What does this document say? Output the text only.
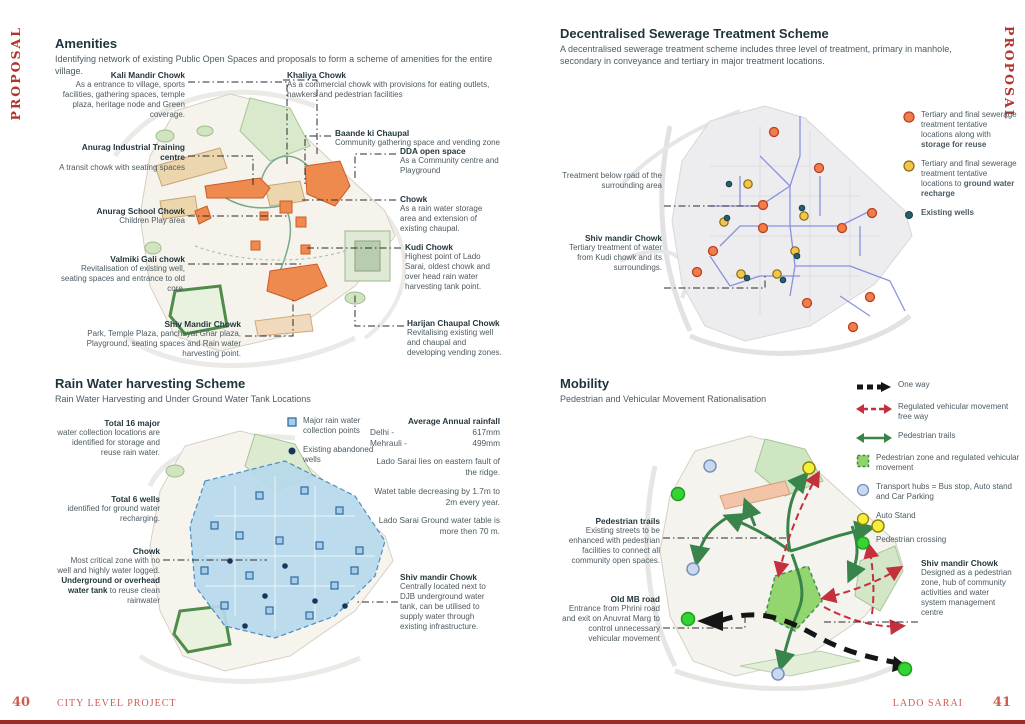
PROPOSAL	PROPOSAL
Amenities
Identifying network of existing Public Open Spaces and proposals to form a scheme of amenities for the entire village.	Kali Mandir Chowk
As a entrance to village, sports facilities, gathering spaces, temple plaza, heritage node and Green coverage.
Anurag Industrial Training centre
A transit chowk with seating spaces
Anurag School Chowk
Children Play area
Valmiki Gali chowk
Revitalisation of existing well, seating spaces and entrance to old core.
Shiv Mandir Chowk
Park, Temple Plaza, panchayat Ghar plaza, Playground, seating spaces and Rain water harvesting point.
Khaliya Chowk
As a commercial chowk with provisions for eating outlets, hawkers and pedestrian facilities
Baande ki Chaupal
Community gathering space and vending zone
DDA open space
As a Community centre and Playground
Chowk
As a rain water storage area and extension of existing chaupal.
Kudi Chowk
Highest point of Lado Sarai, oldest chowk and over head rain water harvesting tank point.
Harijan Chaupal Chowk
Revitalising existing well and chaupal and developing vending zones.
Decentralised Sewerage Treatment Scheme
A decentralised sewerage treatment scheme includes three level of treatment, primary in manhole, secondary in conveyance and tertiary in major treatment locations.
Treatment below road of the surrounding area
Shiv mandir Chowk
Tertiary treatment of water from Kudi chowk and its surroundings.
Tertiary and final sewerage treatment tentative locations along with storage for reuse
Tertiary and final sewerage treatment tentative locations to ground water recharge
Existing wells
Rain Water harvesting Scheme
Rain Water Harvesting and Under Ground Water Tank Locations
Total 16 major
water collection locations are identified for storage and reuse rain water.
Total 6 wells
identified for ground water recharging.
Chowk
Most critical zone with no well and highly water logged. Underground or overhead water tank to reuse clean rainwater
Shiv mandir Chowk
Centrally located next to DJB underground water tank, can be utilised to supply water through existing infrastructure.
Major rain water collection points
Existing abandoned wells
Average Annual rainfall
Delhi -	617mm
Mehrauli -	499mm

Lado Sarai lies on eastern fault of the ridge.

Watet table decreasing by 1.7m to 2m every year.

Lado Sarai Ground water table is more then 70 m.

Mobility
Pedestrian and Vehicular Movement Rationalisation
Pedestrian trails
Existing streets to be enhanced with pedestrian facilities to connect all community open spaces.
Old MB road
Entrance from Phrini road and exit on Anuvrat Marg to control unnecessary vehicular movement
Shiv mandir Chowk
Designed as a pedestrian zone, hub of community activities and water system management centre
One way
Regulated vehicular movement free way
Pedestrian trails
Pedestrian zone and regulated vehicular movement
Transport hubs = Bus stop, Auto stand and Car Parking
Auto Stand
Pedestrian crossing
40	CITY LEVEL PROJECT	LADO SARAI 41
